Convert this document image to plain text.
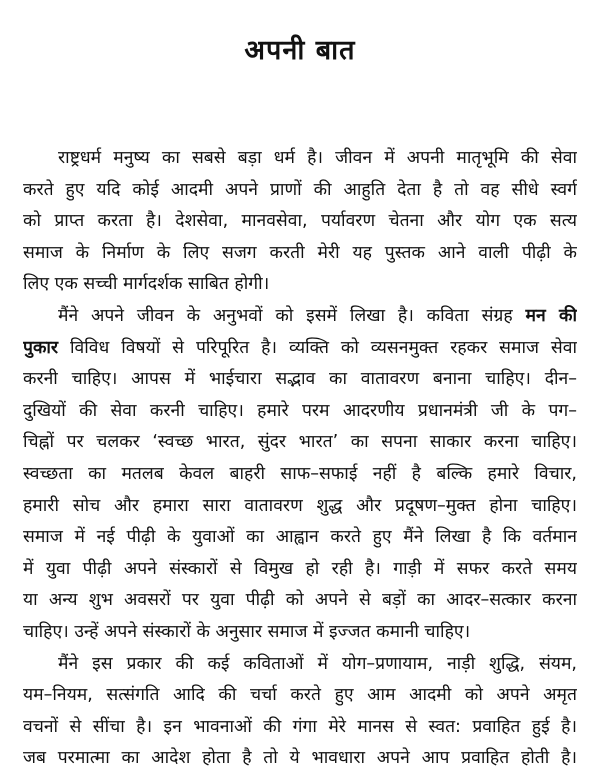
अपनी बात
राष्ट्रधर्म मनुष्य का सबसे बड़ा धर्म है। जीवन में अपनी मातृभूमि की सेवा
करते हुए यदि कोई आदमी अपने प्राणों की आहुति देता है तो वह सीधे स्वर्ग
को प्राप्त करता है। देशसेवा, मानवसेवा, पर्यावरण चेतना और योग एक सत्य
समाज के निर्माण के लिए सजग करती मेरी यह पुस्तक आने वाली पीढ़ी के
लिए एक सच्ची मार्गदर्शक साबित होगी।
मैंने अपने जीवन के अनुभवों को इसमें लिखा है। कविता संग्रह मन की
पुकार विविध विषयों से परिपूरित है। व्यक्ति को व्यसनमुक्त रहकर समाज सेवा
करनी चाहिए। आपस में भाईचारा सद्भाव का वातावरण बनाना चाहिए। दीन–
दुखियों की सेवा करनी चाहिए। हमारे परम आदरणीय प्रधानमंत्री जी के पग–
चिह्नों पर चलकर ‘स्वच्छ भारत, सुंदर भारत’ का सपना साकार करना चाहिए।
स्वच्छता का मतलब केवल बाहरी साफ–सफाई नहीं है बल्कि हमारे विचार,
हमारी सोच और हमारा सारा वातावरण शुद्ध और प्रदूषण–मुक्त होना चाहिए।
समाज में नई पीढ़ी के युवाओं का आह्वान करते हुए मैंने लिखा है कि वर्तमान
में युवा पीढ़ी अपने संस्कारों से विमुख हो रही है। गाड़ी में सफर करते समय
या अन्य शुभ अवसरों पर युवा पीढ़ी को अपने से बड़ों का आदर–सत्कार करना
चाहिए। उन्हें अपने संस्कारों के अनुसार समाज में इज्जत कमानी चाहिए।
मैंने इस प्रकार की कई कविताओं में योग–प्रणायाम, नाड़ी शुद्धि, संयम,
यम–नियम, सत्संगति आदि की चर्चा करते हुए आम आदमी को अपने अमृत
वचनों से सींचा है। इन भावनाओं की गंगा मेरे मानस से स्वत: प्रवाहित हुई है।
जब परमात्मा का आदेश होता है तो ये भावधारा अपने आप प्रवाहित होती है।
